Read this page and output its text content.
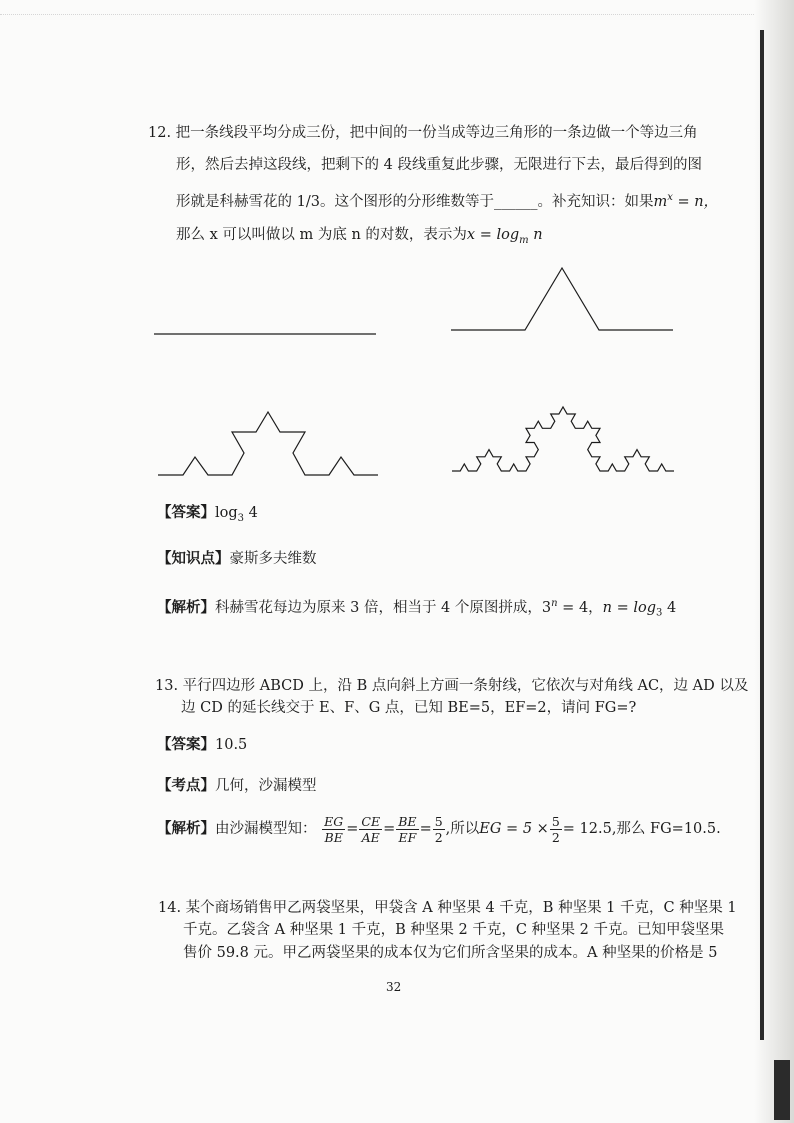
12. 把一条线段平均分成三份，把中间的一份当成等边三角形的一条边做一个等边三角
形，然后去掉这段线，把剩下的 4 段线重复此步骤，无限进行下去，最后得到的图
形就是科赫雪花的 1/3。这个图形的分形维数等于______。补充知识：如果$m^x = n$，
那么 x 可以叫做以 m 为底 n 的对数，表示为$x = \log_m n$
【答案】$\log_3 4$
【知识点】豪斯多夫维数
【解析】科赫雪花每边为原来 3 倍，相当于 4 个原图拼成，$3^n = 4$，$n = \log_3 4$
13. 平行四边形 ABCD 上，沿 B 点向斜上方画一条射线，它依次与对角线 AC，边 AD 以及
边 CD 的延长线交于 E、F、G 点，已知 BE=5，EF=2，请问 FG=?
【答案】10.5
【考点】几何，沙漏模型
【解析】由沙漏模型知： $\frac{EG}{BE} = \frac{CE}{AE} = \frac{BE}{EF} = \frac{5}{2}$ ,所以EG = $5 \times \frac{5}{2} = 12.5$,那么 FG=10.5.
14. 某个商场销售甲乙两袋坚果，甲袋含 A 种坚果 4 千克，B 种坚果 1 千克，C 种坚果 1
千克。乙袋含 A 种坚果 1 千克，B 种坚果 2 千克，C 种坚果 2 千克。已知甲袋坚果
售价 59.8 元。甲乙两袋坚果的成本仅为它们所含坚果的成本。A 种坚果的价格是 5
32
